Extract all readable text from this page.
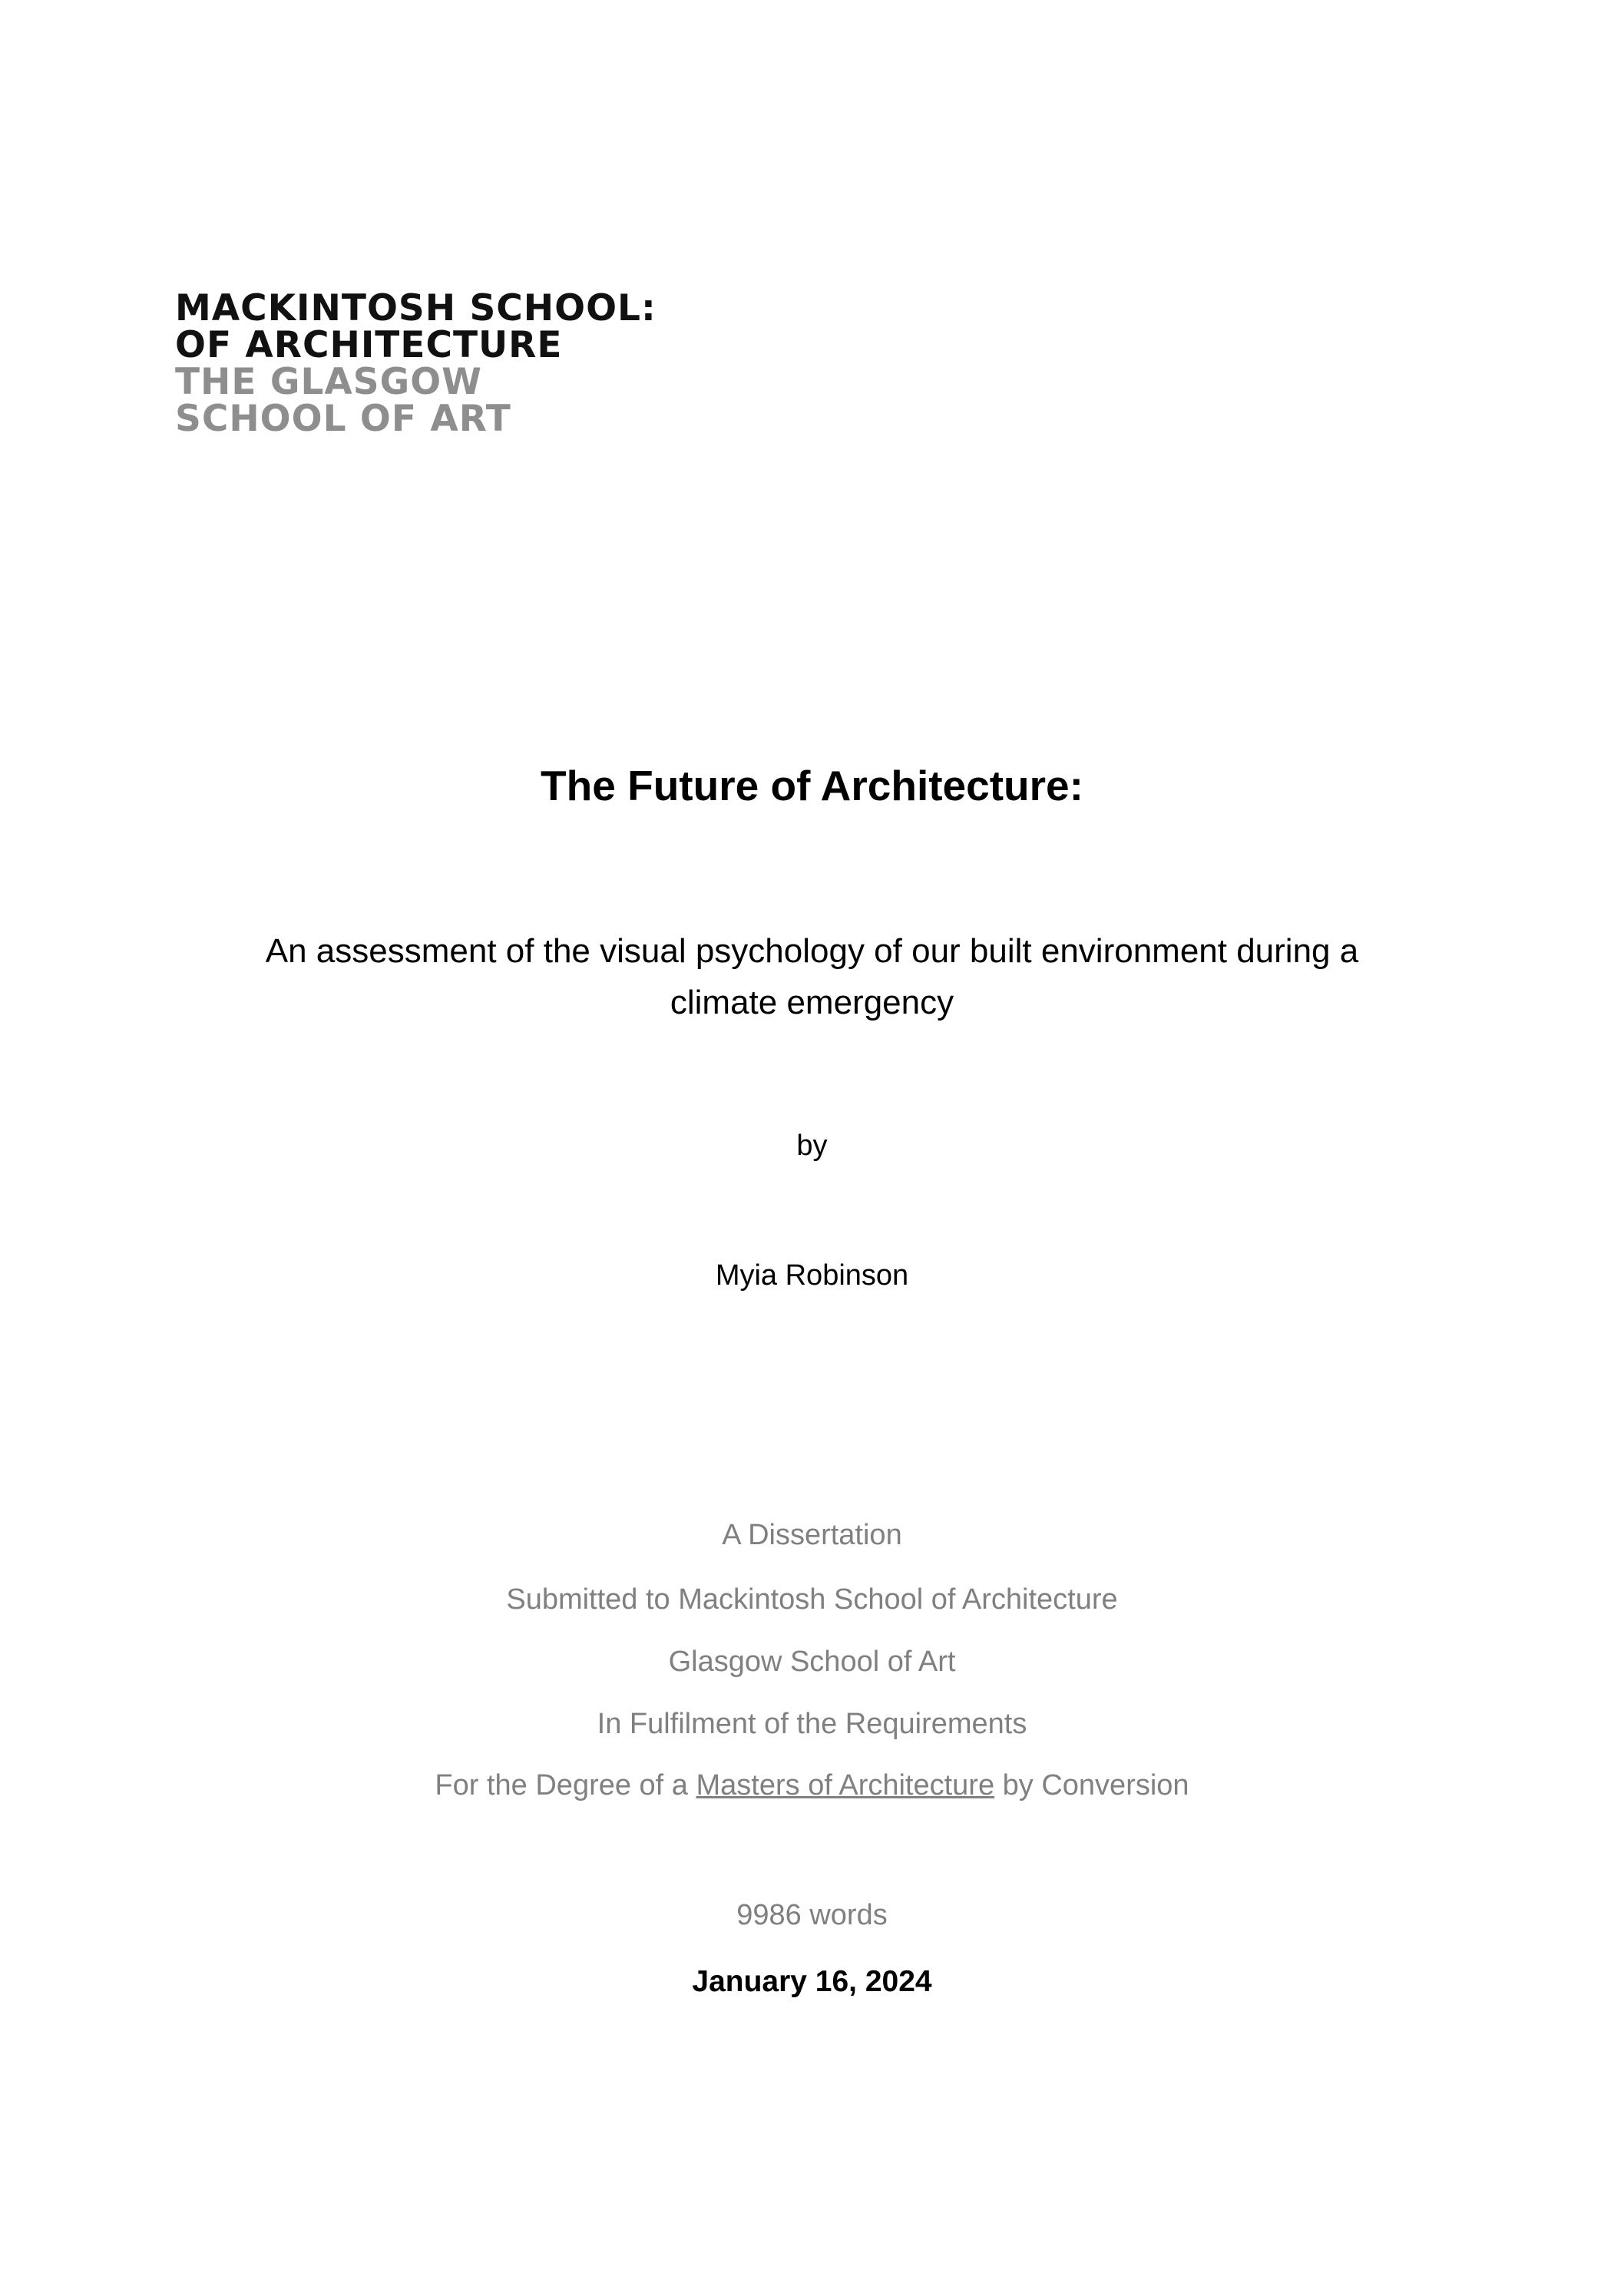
MACKINTOSH SCHOOL:
OF ARCHITECTURE
THE GLASGOW
SCHOOL OF ART
The Future of Architecture:
An assessment of the visual psychology of our built environment during a
climate emergency
by
Myia Robinson
A Dissertation
Submitted to Mackintosh School of Architecture
Glasgow School of Art
In Fulfilment of the Requirements
For the Degree of a Masters of Architecture by Conversion
9986 words
January 16, 2024
